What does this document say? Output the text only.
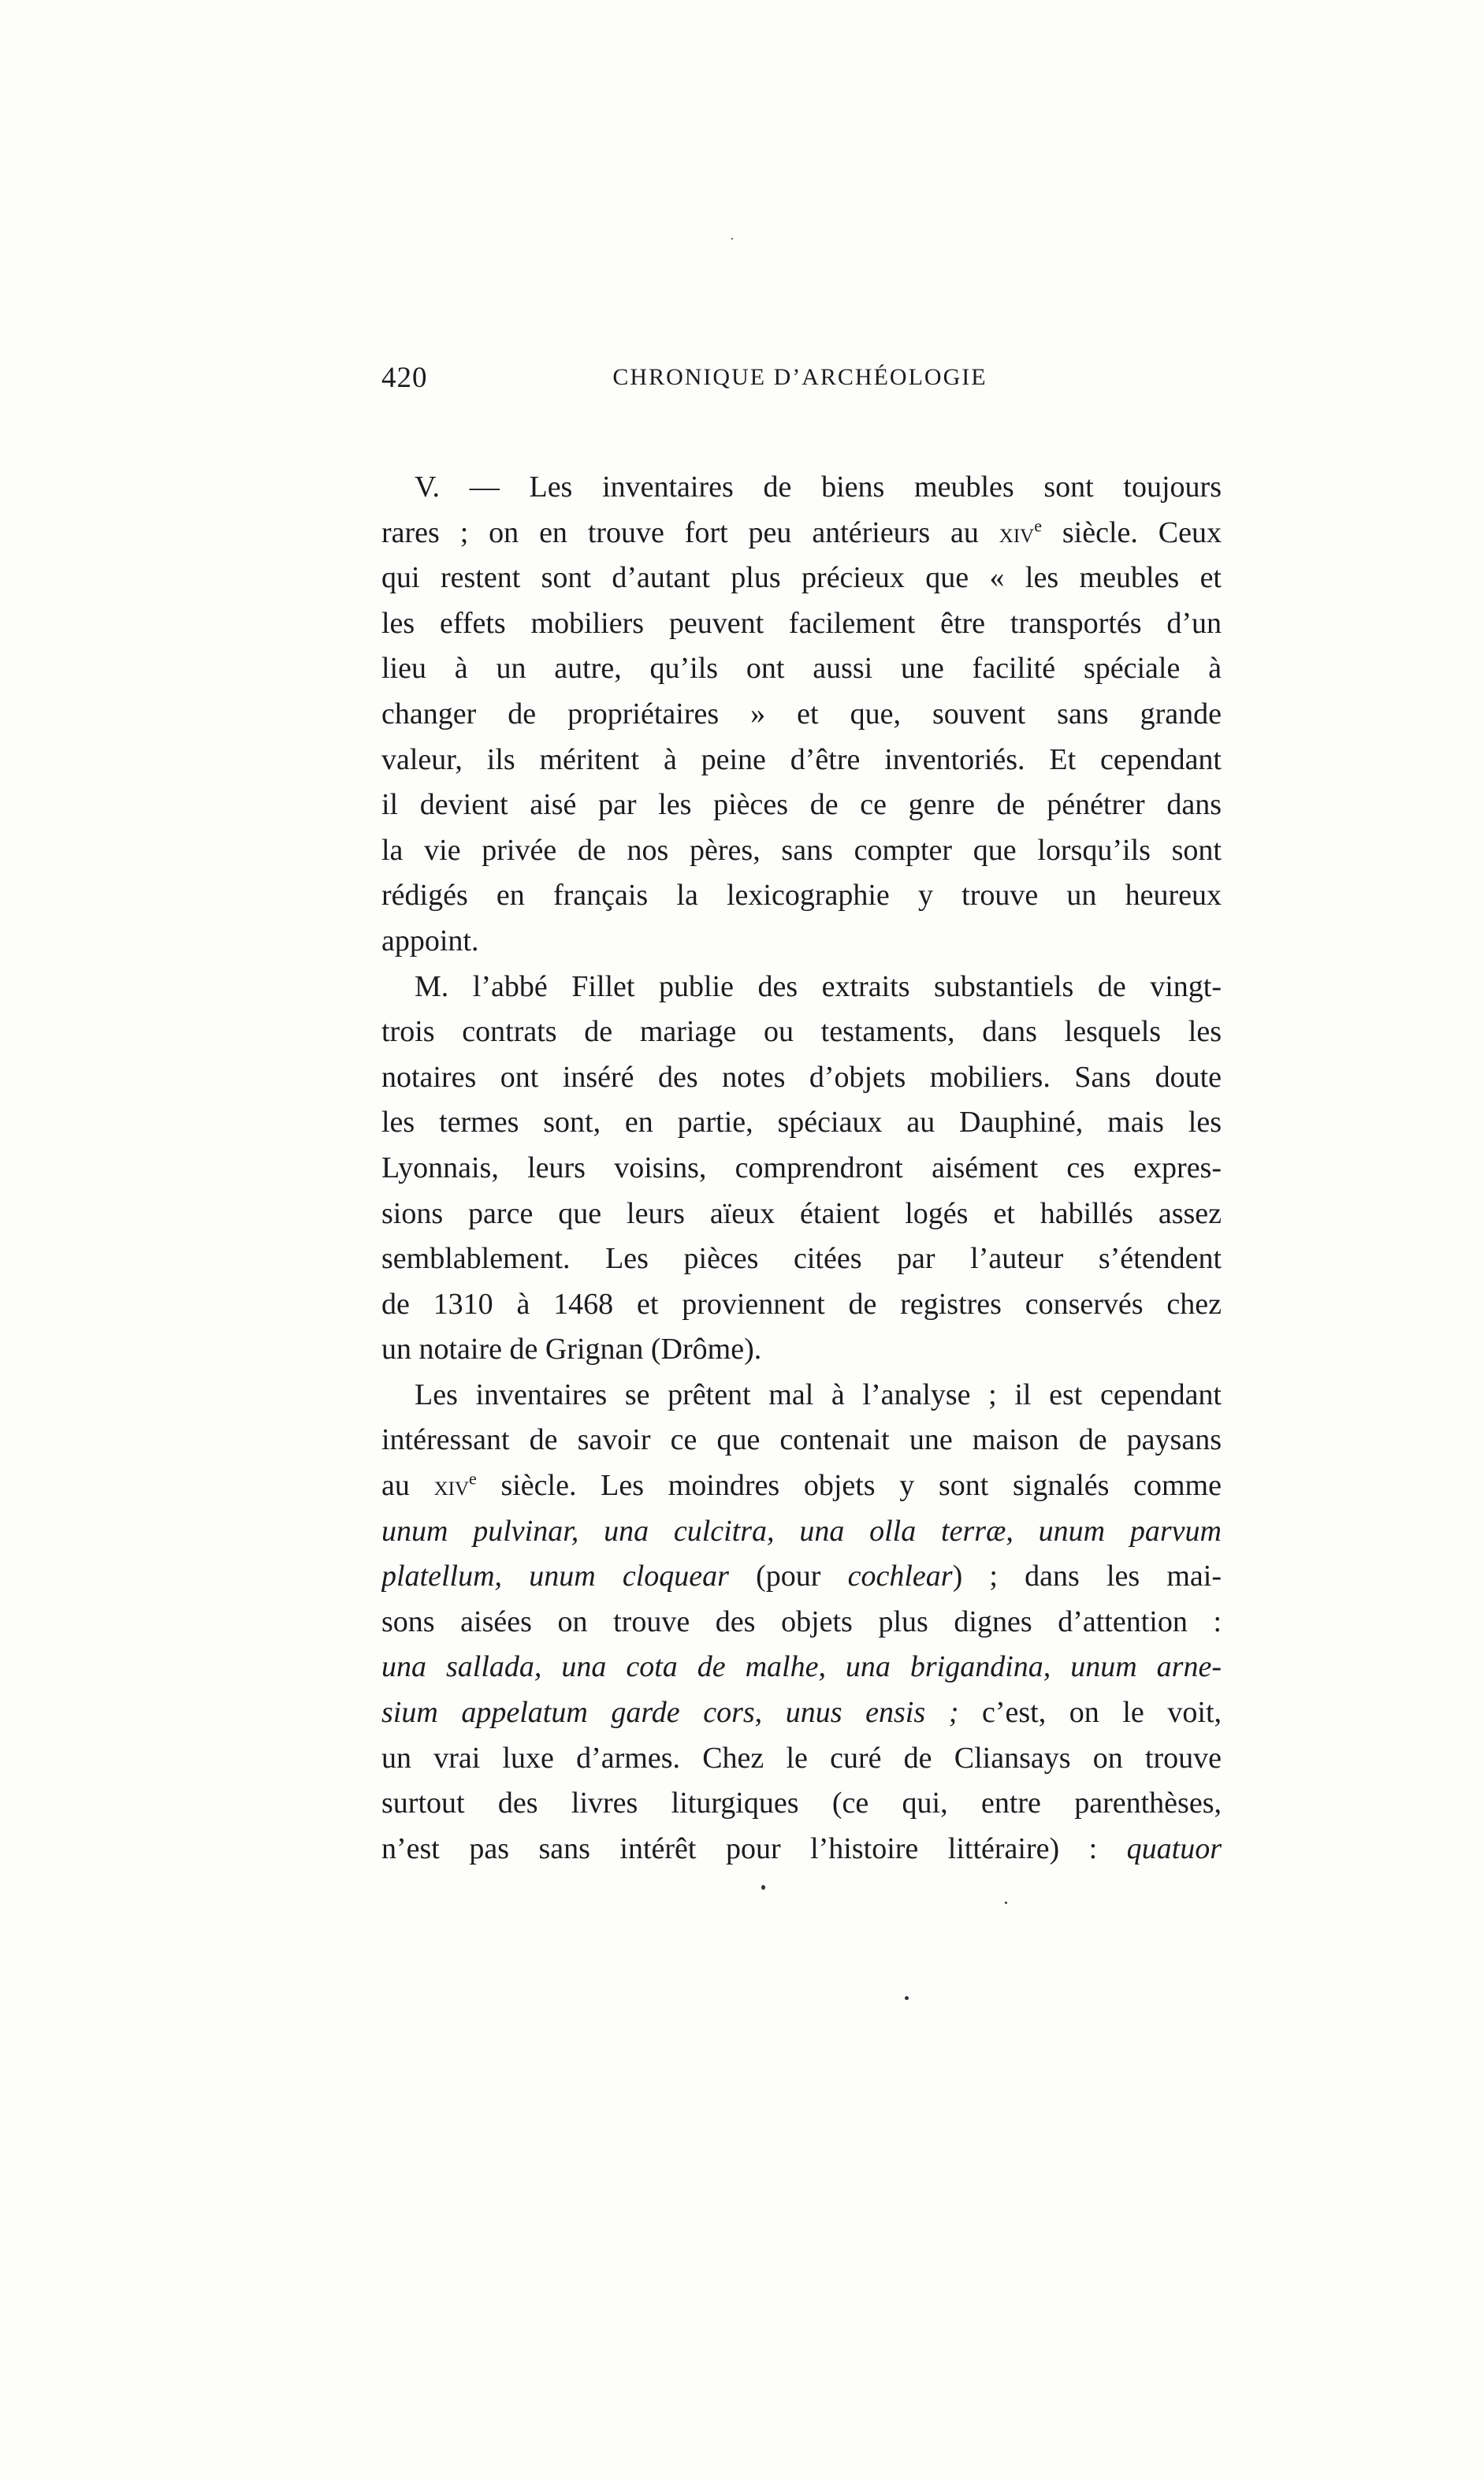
420	CHRONIQUE D’ARCHÉOLOGIE
V. — Les inventaires de biens meubles sont toujours
rares ; on en trouve fort peu antérieurs au xiv$^e$ siècle. Ceux
qui restent sont d’autant plus précieux que « les meubles et
les effets mobiliers peuvent facilement être transportés d’un
lieu à un autre, qu’ils ont aussi une facilité spéciale à
changer de propriétaires » et que, souvent sans grande
valeur, ils méritent à peine d’être inventoriés. Et cependant
il devient aisé par les pièces de ce genre de pénétrer dans
la vie privée de nos pères, sans compter que lorsqu’ils sont
rédigés en français la lexicographie y trouve un heureux
appoint.
M. l’abbé Fillet publie des extraits substantiels de vingt-
trois contrats de mariage ou testaments, dans lesquels les
notaires ont inséré des notes d’objets mobiliers. Sans doute
les termes sont, en partie, spéciaux au Dauphiné, mais les
Lyonnais, leurs voisins, comprendront aisément ces expres-
sions parce que leurs aïeux étaient logés et habillés assez
semblablement. Les pièces citées par l’auteur s’étendent
de 1310 à 1468 et proviennent de registres conservés chez
un notaire de Grignan (Drôme).
Les inventaires se prêtent mal à l’analyse ; il est cependant
intéressant de savoir ce que contenait une maison de paysans
au xiv$^e$ siècle. Les moindres objets y sont signalés comme
unum pulvinar, una culcitra, una olla terræ, unum parvum
platellum, unum cloquear (pour cochlear) ; dans les mai-
sons aisées on trouve des objets plus dignes d’attention :
una sallada, una cota de malhe, una brigandina, unum arne-
sium appelatum garde cors, unus ensis ; c’est, on le voit,
un vrai luxe d’armes. Chez le curé de Cliansays on trouve
surtout des livres liturgiques (ce qui, entre parenthèses,
n’est pas sans intérêt pour l’histoire littéraire) : quatuor
